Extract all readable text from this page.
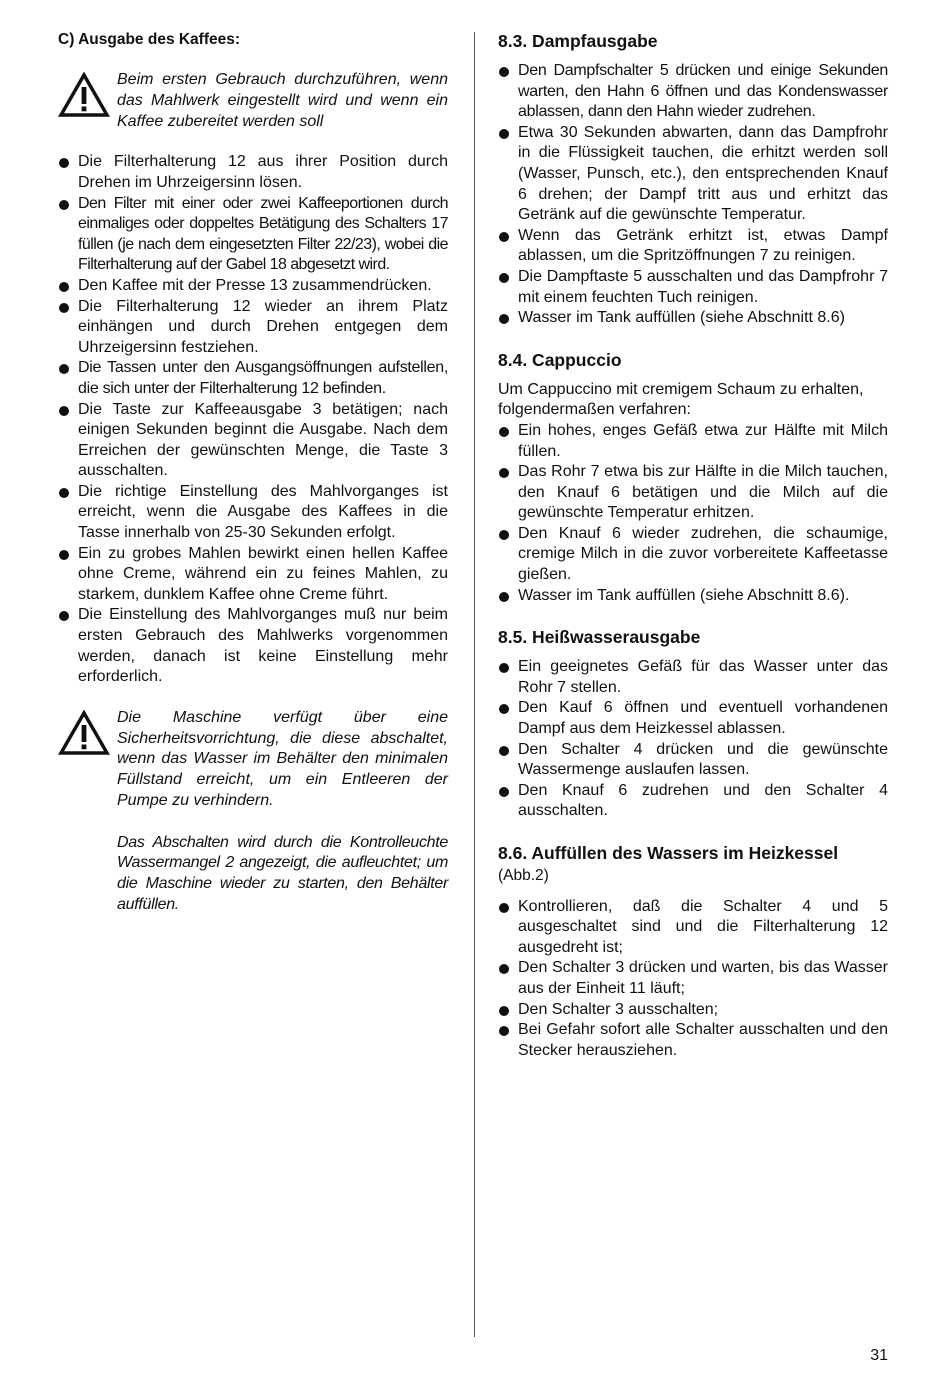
C) Ausgabe des Kaffees:

Beim ersten Gebrauch durchzuführen, wenn das Mahlwerk eingestellt wird und wenn ein Kaffee zubereitet werden soll

Die Filterhalterung 12 aus ihrer Position durch Drehen im Uhrzeigersinn lösen.
Den Filter mit einer oder zwei Kaffeeportionen durch einmaliges oder doppeltes Betätigung des Schalters 17 füllen (je nach dem eingesetzten Filter 22/23), wobei die Filterhalterung auf der Gabel 18 abgesetzt wird.
Den Kaffee mit der Presse 13 zusammendrücken.
Die Filterhalterung 12 wieder an ihrem Platz einhängen und durch Drehen entgegen dem Uhrzeigersinn festziehen.
Die Tassen unter den Ausgangsöffnungen aufstellen, die sich unter der Filterhalterung 12 befinden.
Die Taste zur Kaffeeausgabe 3 betätigen; nach einigen Sekunden beginnt die Ausgabe. Nach dem Erreichen der gewünschten Menge, die Taste 3 ausschalten.
Die richtige Einstellung des Mahlvorganges ist erreicht, wenn die Ausgabe des Kaffees in die Tasse innerhalb von 25-30 Sekunden erfolgt.
Ein zu grobes Mahlen bewirkt einen hellen Kaffee ohne Creme, während ein zu feines Mahlen, zu starkem, dunklem Kaffee ohne Creme führt.
Die Einstellung des Mahlvorganges muß nur beim ersten Gebrauch des Mahlwerks vorgenommen werden, danach ist keine Einstellung mehr erforderlich.

Die Maschine verfügt über eine Sicherheitsvorrichtung, die diese abschaltet, wenn das Wasser im Behälter den minimalen Füllstand erreicht, um ein Entleeren der Pumpe zu verhindern.

Das Abschalten wird durch die Kontrolleuchte Wassermangel 2 angezeigt, die aufleuchtet; um die Maschine wieder zu starten, den Behälter auffüllen.

8.3. Dampfausgabe

Den Dampfschalter 5 drücken und einige Sekunden warten, den Hahn 6 öffnen und das Kondenswasser ablassen, dann den Hahn wieder zudrehen.
Etwa 30 Sekunden abwarten, dann das Dampfrohr in die Flüssigkeit tauchen, die erhitzt werden soll (Wasser, Punsch, etc.), den entsprechenden Knauf 6 drehen; der Dampf tritt aus und erhitzt das Getränk auf die gewünschte Temperatur.
Wenn das Getränk erhitzt ist, etwas Dampf ablassen, um die Spritzöffnungen 7 zu reinigen.
Die Dampftaste 5 ausschalten und das Dampfrohr 7 mit einem feuchten Tuch reinigen.
Wasser im Tank auffüllen (siehe Abschnitt 8.6)

8.4. Cappuccio

Um Cappuccino mit cremigem Schaum zu erhalten, folgendermaßen verfahren:

Ein hohes, enges Gefäß etwa zur Hälfte mit Milch füllen.
Das Rohr 7 etwa bis zur Hälfte in die Milch tauchen, den Knauf 6 betätigen und die Milch auf die gewünschte Temperatur erhitzen.
Den Knauf 6 wieder zudrehen, die schaumige, cremige Milch in die zuvor vorbereitete Kaffeetasse gießen.
Wasser im Tank auffüllen (siehe Abschnitt 8.6).

8.5. Heißwasserausgabe

Ein geeignetes Gefäß für das Wasser unter das Rohr 7 stellen.
Den Kauf 6 öffnen und eventuell vorhandenen Dampf aus dem Heizkessel ablassen.
Den Schalter 4 drücken und die gewünschte Wassermenge auslaufen lassen.
Den Knauf 6 zudrehen und den Schalter 4 ausschalten.

8.6. Auffüllen des Wassers im Heizkessel

(Abb.2)

Kontrollieren, daß die Schalter 4 und 5 ausgeschaltet sind und die Filterhalterung 12 ausgedreht ist;
Den Schalter 3 drücken und warten, bis das Wasser aus der Einheit 11 läuft;
Den Schalter 3 ausschalten;
Bei Gefahr sofort alle Schalter ausschalten und den Stecker herausziehen.
31
